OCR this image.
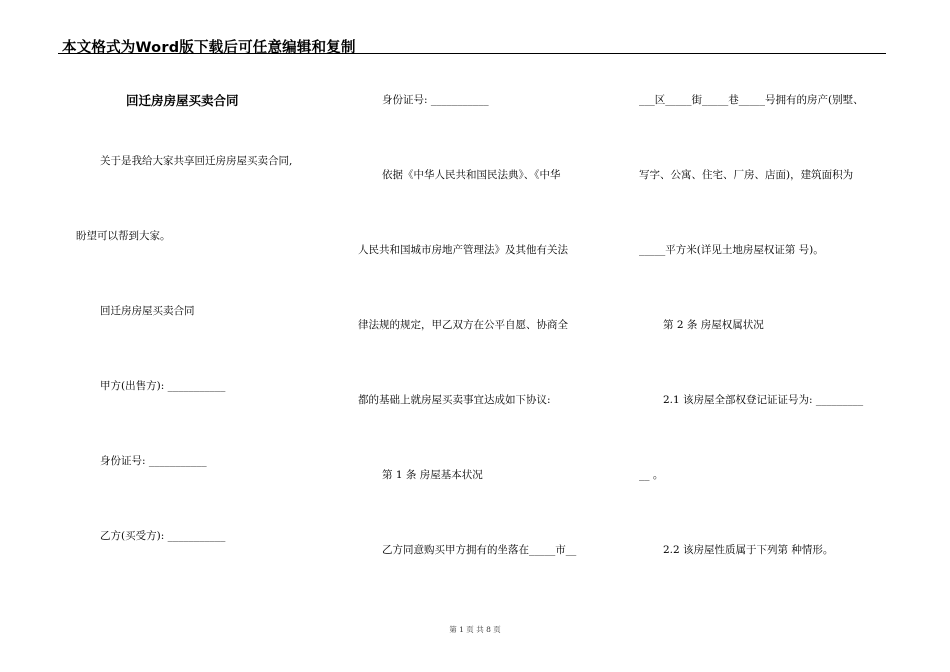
本文格式为Word版下载后可任意编辑和复制
回迁房房屋买卖合同
关于是我给大家共享回迁房房屋买卖合同,
盼望可以帮到大家。
回迁房房屋买卖合同
甲方(出售方): ___________
身份证号: ___________
乙方(买受方): ___________
身份证号: ___________
依据《中华人民共和国民法典》、《中华
人民共和国城市房地产管理法》及其他有关法
律法规的规定，甲乙双方在公平自愿、协商全
都的基础上就房屋买卖事宜达成如下协议:
第 1 条 房屋基本状况
乙方同意购买甲方拥有的坐落在_____市__
___区_____街_____巷_____号拥有的房产(别墅、
写字、公寓、住宅、厂房、店面)，建筑面积为
_____平方米(详见土地房屋权证第 号)。
第 2 条 房屋权属状况
2.1 该房屋全部权登记证证号为: _________
__ 。
2.2 该房屋性质属于下列第 种情形。
第 1 页 共 8 页
